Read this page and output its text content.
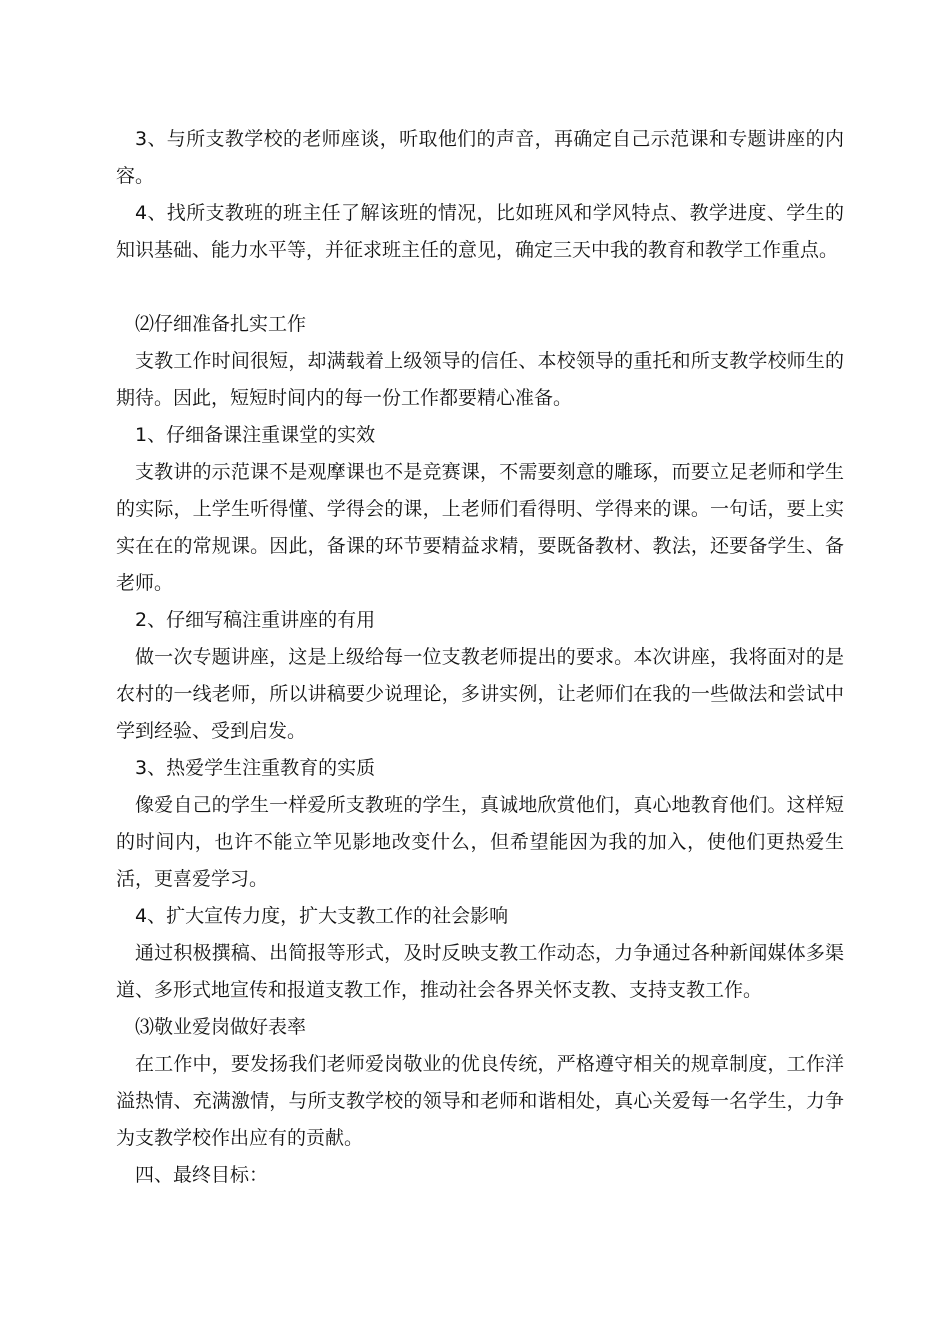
3、与所支教学校的老师座谈，听取他们的声音，再确定自己示范课和专题讲座的内容。

4、找所支教班的班主任了解该班的情况，比如班风和学风特点、教学进度、学生的知识基础、能力水平等，并征求班主任的意见，确定三天中我的教育和教学工作重点。

⑵仔细准备扎实工作

支教工作时间很短，却满载着上级领导的信任、本校领导的重托和所支教学校师生的期待。因此，短短时间内的每一份工作都要精心准备。

1、仔细备课注重课堂的实效

支教讲的示范课不是观摩课也不是竞赛课，不需要刻意的雕琢，而要立足老师和学生的实际，上学生听得懂、学得会的课，上老师们看得明、学得来的课。一句话，要上实实在在的常规课。因此，备课的环节要精益求精，要既备教材、教法，还要备学生、备老师。

2、仔细写稿注重讲座的有用

做一次专题讲座，这是上级给每一位支教老师提出的要求。本次讲座，我将面对的是农村的一线老师，所以讲稿要少说理论，多讲实例，让老师们在我的一些做法和尝试中学到经验、受到启发。

3、热爱学生注重教育的实质

像爱自己的学生一样爱所支教班的学生，真诚地欣赏他们，真心地教育他们。这样短的时间内，也许不能立竿见影地改变什么，但希望能因为我的加入，使他们更热爱生活，更喜爱学习。

4、扩大宣传力度，扩大支教工作的社会影响

通过积极撰稿、出简报等形式，及时反映支教工作动态，力争通过各种新闻媒体多渠道、多形式地宣传和报道支教工作，推动社会各界关怀支教、支持支教工作。

⑶敬业爱岗做好表率

在工作中，要发扬我们老师爱岗敬业的优良传统，严格遵守相关的规章制度，工作洋溢热情、充满激情，与所支教学校的领导和老师和谐相处，真心关爱每一名学生，力争为支教学校作出应有的贡献。

四、最终目标：
